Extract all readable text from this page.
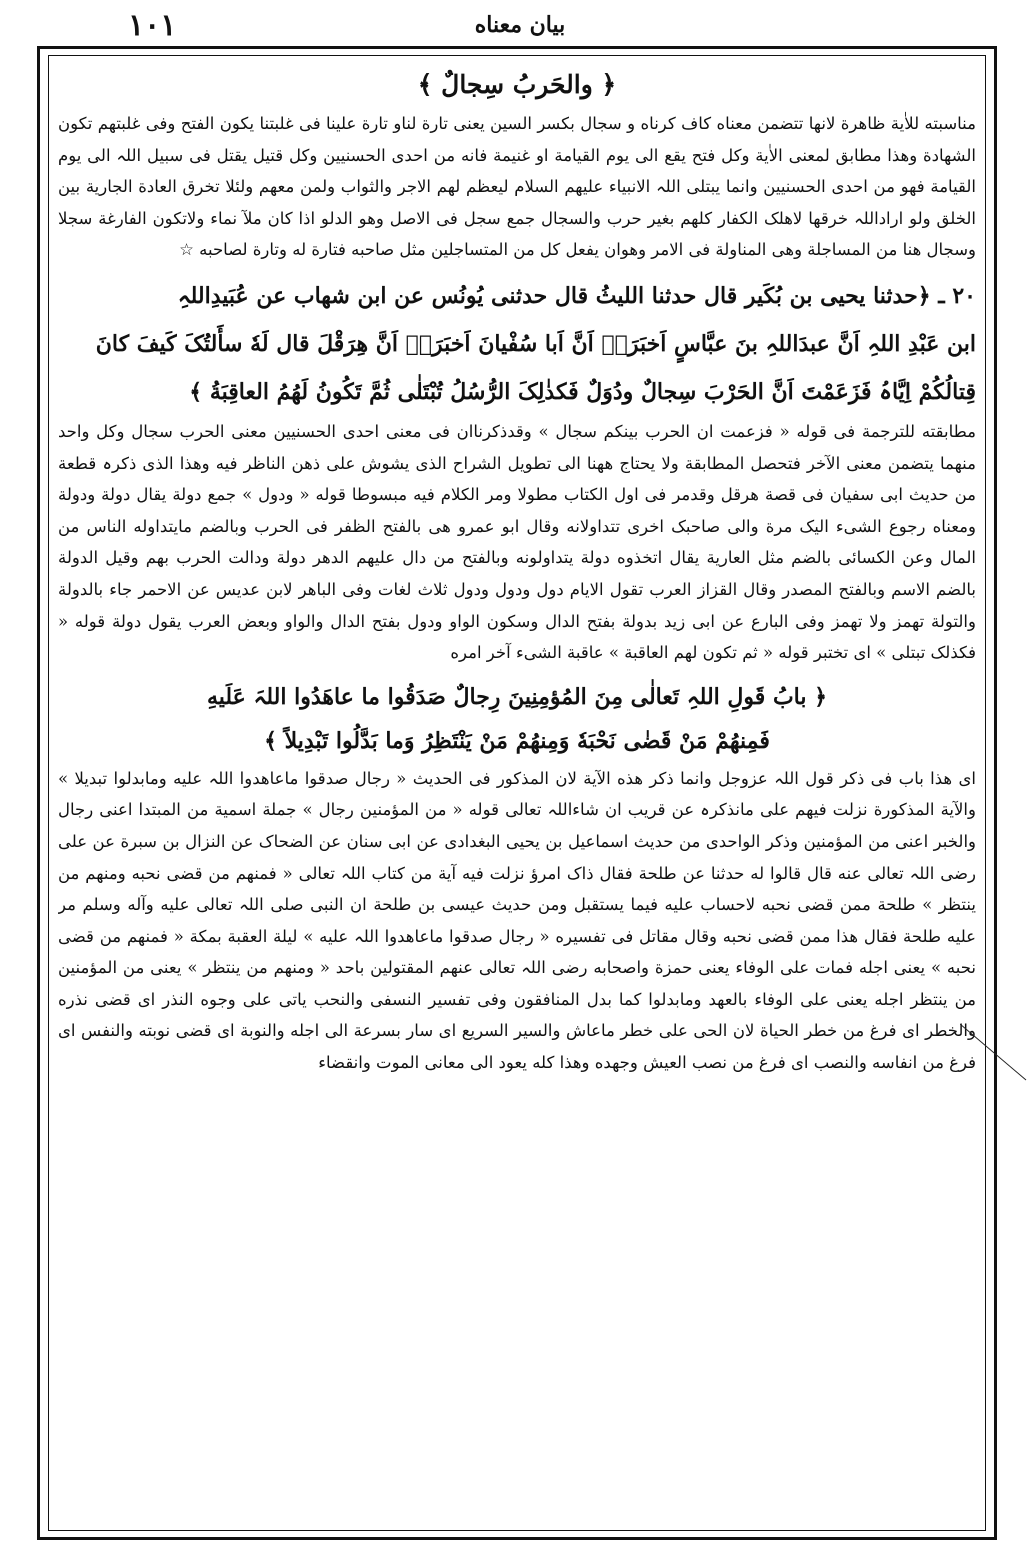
١٠١	بیان معناه

﴿ والحَربُ سِجالٌ ﴾

مناسبته للاٰیة ظاهرة لانها تتضمن معناه کاف کرناه و سجال بکسر السین یعنی تارة لناو تارة علینا فی غلبتنا یکون الفتح وفی غلبتهم تکون الشهادة وهذا مطابق لمعنی الاٰیة وکل فتح یقع الی یوم القیامة او غنیمة فانه من احدی الحسنیین وکل قتیل یقتل فی سبیل اللہ الی یوم القیامة فهو من احدی الحسنیین وانما یبتلی اللہ الانبیاء علیهم السلام لیعظم لهم الاجر والثواب ولمن معهم ولئلا تخرق العادة الجاریة بین الخلق ولو اراداللہ خرقها لاهلک الکفار کلهم بغیر حرب والسجال جمع سجل فی الاصل وهو الدلو اذا کان ملآ نماء ولاتکون الفارغة سجلا وسجال هنا من المساجلة وهی المناولة فی الامر وهوان یفعل کل من المتساجلین مثل صاحبه فتارة له وتارة لصاحبه ☆

٢٠ ـ ﴿حدثنا یحیی بن بُکَیر قال حدثنا اللیثُ قال حدثنی یُونُس عن ابن شهاب عن عُبَیدِاللہِ

ابن عَبْدِ اللہِ اَنَّ عبدَاللہِ بنَ عبَّاسٍ اَخبَرَہٗ اَنَّ اَبا سُفْیانَ اَخبَرَہٗ اَنَّ هِرَقْلَ قال لَهٗ سأَلتُکَ کَیفَ کانَ

قِتالُکُمْ اِیَّاہُ فَزَعَمْتَ اَنَّ الحَرْبَ سِجالٌ ودُوَلٌ فَکذٰلِکَ الرُّسُلُ تُبْتَلٰی ثُمَّ تَکُونُ لَهُمُ العاقِبَةُ ﴾

مطابقته للترجمة فی قوله « فزعمت ان الحرب بینکم سجال » وقدذکرناان فی معنی احدی الحسنیین معنی الحرب سجال وکل واحد منهما یتضمن معنی الآخر فتحصل المطابقة ولا یحتاج ههنا الی تطویل الشراح الذی یشوش علی ذهن الناظر فیه وهذا الذی ذکرہ قطعة من حدیث ابی سفیان فی قصة هرقل وقدمر فی اول الکتاب مطولا ومر الکلام فیه مبسوطا قوله « ودول » جمع دولة یقال دولة ودولة ومعناه رجوع الشیء الیک مرة والی صاحبک اخری تتداولانه وقال ابو عمرو هی بالفتح الظفر فی الحرب وبالضم مایتداوله الناس من المال وعن الکسائی بالضم مثل العاریة یقال اتخذوه دولة یتداولونه وبالفتح من دال علیهم الدهر دولة ودالت الحرب بهم وقیل الدولة بالضم الاسم وبالفتح المصدر وقال القزاز العرب تقول الایام دول ودول ودول ثلاث لغات وفی الباهر لابن عدیس عن الاحمر جاء بالدولة والتولة تهمز ولا تهمز وفی البارع عن ابی زید بدولة بفتح الدال وسکون الواو ودول بفتح الدال والواو وبعض العرب یقول دولة قوله « فکذلک تبتلی » ای تختبر قوله « ثم تکون لهم العاقبة » عاقبة الشیء آخر امره

﴿ بابُ قَولِ اللہِ تَعالٰی مِنَ المُؤمِنِینَ رِجالٌ صَدَقُوا ما عاهَدُوا اللہَ عَلَیهِ

فَمِنهُمْ مَنْ قَضٰی نَحْبَهٗ وَمِنهُمْ مَنْ یَنْتَظِرُ وَما بَدَّلُوا تَبْدِیلاً ﴾

ای هذا باب فی ذکر قول اللہ عزوجل وانما ذکر هذه الآیة لان المذکور فی الحدیث « رجال صدقوا ماعاهدوا اللہ علیه ومابدلوا تبدیلا » والآیة المذکورة نزلت فیهم علی مانذکرہ عن قریب ان شاءاللہ تعالی قوله « من المؤمنین رجال » جملة اسمیة من المبتدا اعنی رجال والخبر اعنی من المؤمنین وذکر الواحدی من حدیث اسماعیل بن یحیی البغدادی عن ابی سنان عن الضحاک عن النزال بن سبرة عن علی رضی اللہ تعالی عنه قال قالوا له حدثنا عن طلحة فقال ذاک امرؤ نزلت فیه آیة من کتاب اللہ تعالی « فمنهم من قضی نحبه ومنهم من ینتظر » طلحة ممن قضی نحبه لاحساب علیه فیما یستقبل ومن حدیث عیسی بن طلحة ان النبی صلی اللہ تعالی علیه وآله وسلم مر علیه طلحة فقال هذا ممن قضی نحبه وقال مقاتل فی تفسیره « رجال صدقوا ماعاهدوا اللہ علیه » لیلة العقبة بمکة « فمنهم من قضی نحبه » یعنی اجله فمات علی الوفاء یعنی حمزة واصحابه رضی اللہ تعالی عنهم المقتولین باحد « ومنهم من ینتظر » یعنی من المؤمنین من ینتظر اجله یعنی علی الوفاء بالعهد ومابدلوا کما بدل المنافقون وفی تفسیر النسفی والنحب یاتی علی وجوه النذر ای قضی نذره والخطر ای فرغ من خطر الحیاة لان الحی علی خطر ماعاش والسیر السریع ای سار بسرعة الی اجله والنوبة ای قضی نوبته والنفس ای فرغ من انفاسه والنصب ای فرغ من نصب العیش وجهده وهذا کله یعود الی معانی الموت وانقضاء
